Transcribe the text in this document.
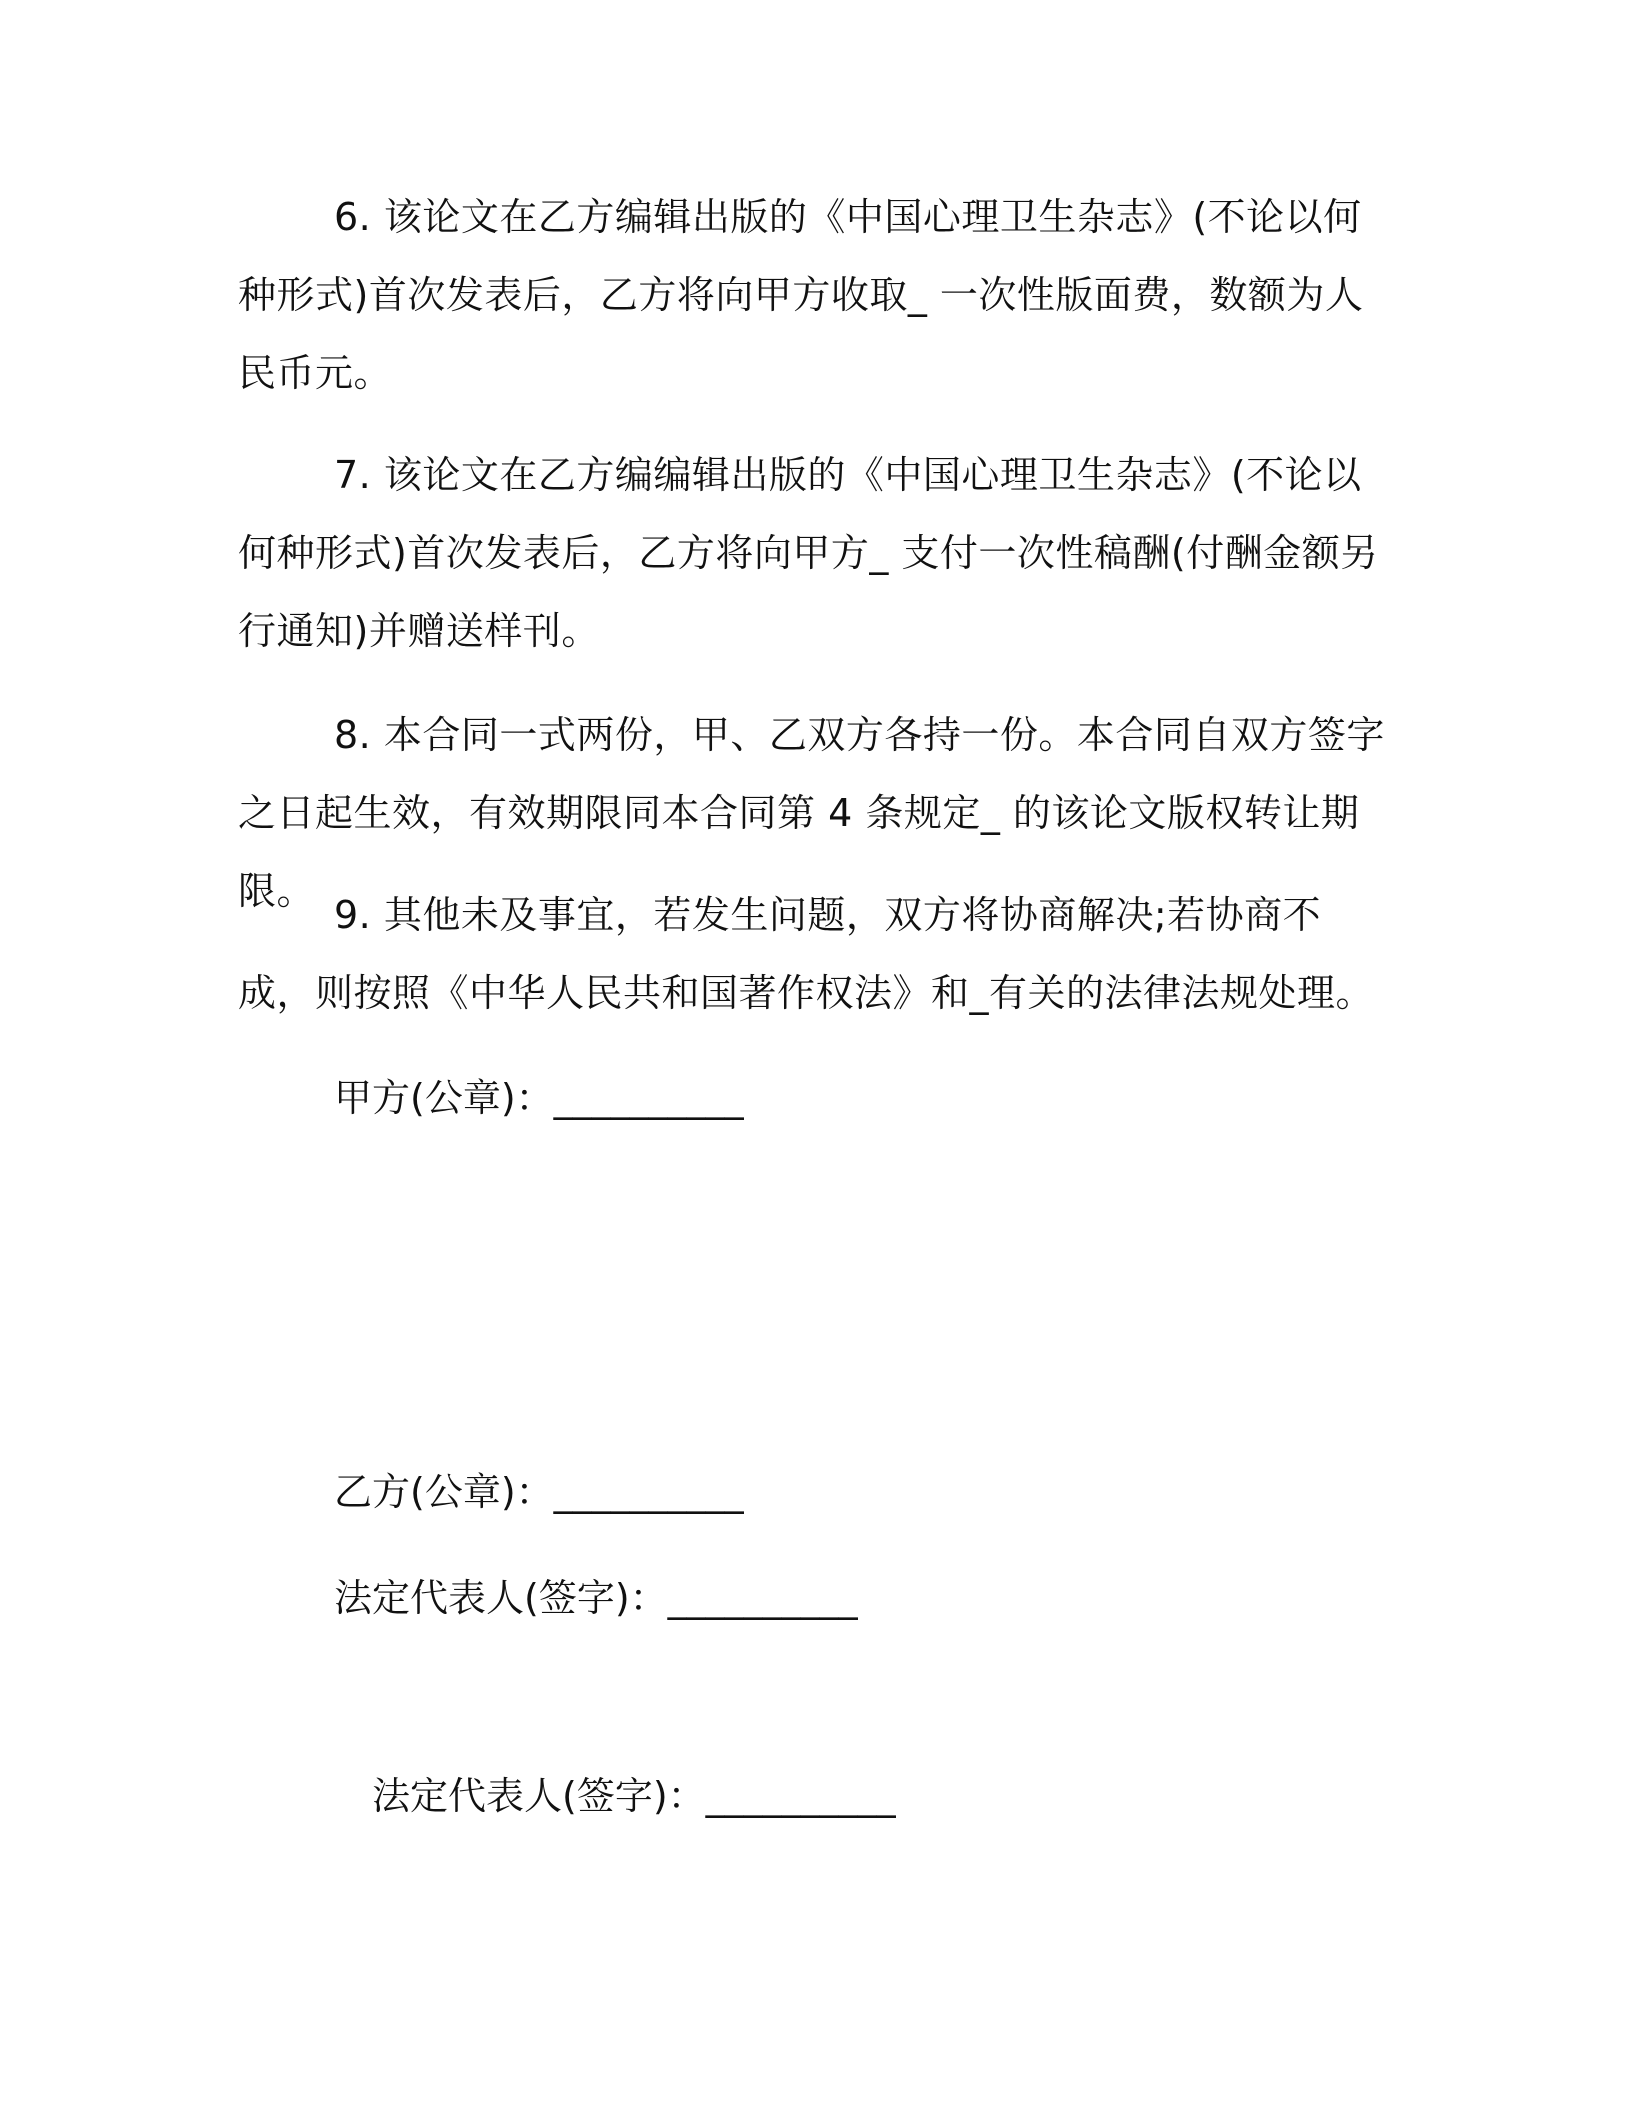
6. 该论文在乙方编辑出版的《中国心理卫生杂志》(不论以何种形式)首次发表后，乙方将向甲方收取_ 一次性版面费，数额为人民币元。

7. 该论文在乙方编编辑出版的《中国心理卫生杂志》(不论以何种形式)首次发表后，乙方将向甲方_ 支付一次性稿酬(付酬金额另行通知)并赠送样刊。

8. 本合同一式两份，甲、乙双方各持一份。本合同自双方签字之日起生效，有效期限同本合同第 4 条规定_ 的该论文版权转让期限。

9. 其他未及事宜，若发生问题，双方将协商解决;若协商不成，则按照《中华人民共和国著作权法》和_有关的法律法规处理。

甲方(公章)：__________

乙方(公章)：__________

法定代表人(签字)：__________

法定代表人(签字)：__________
